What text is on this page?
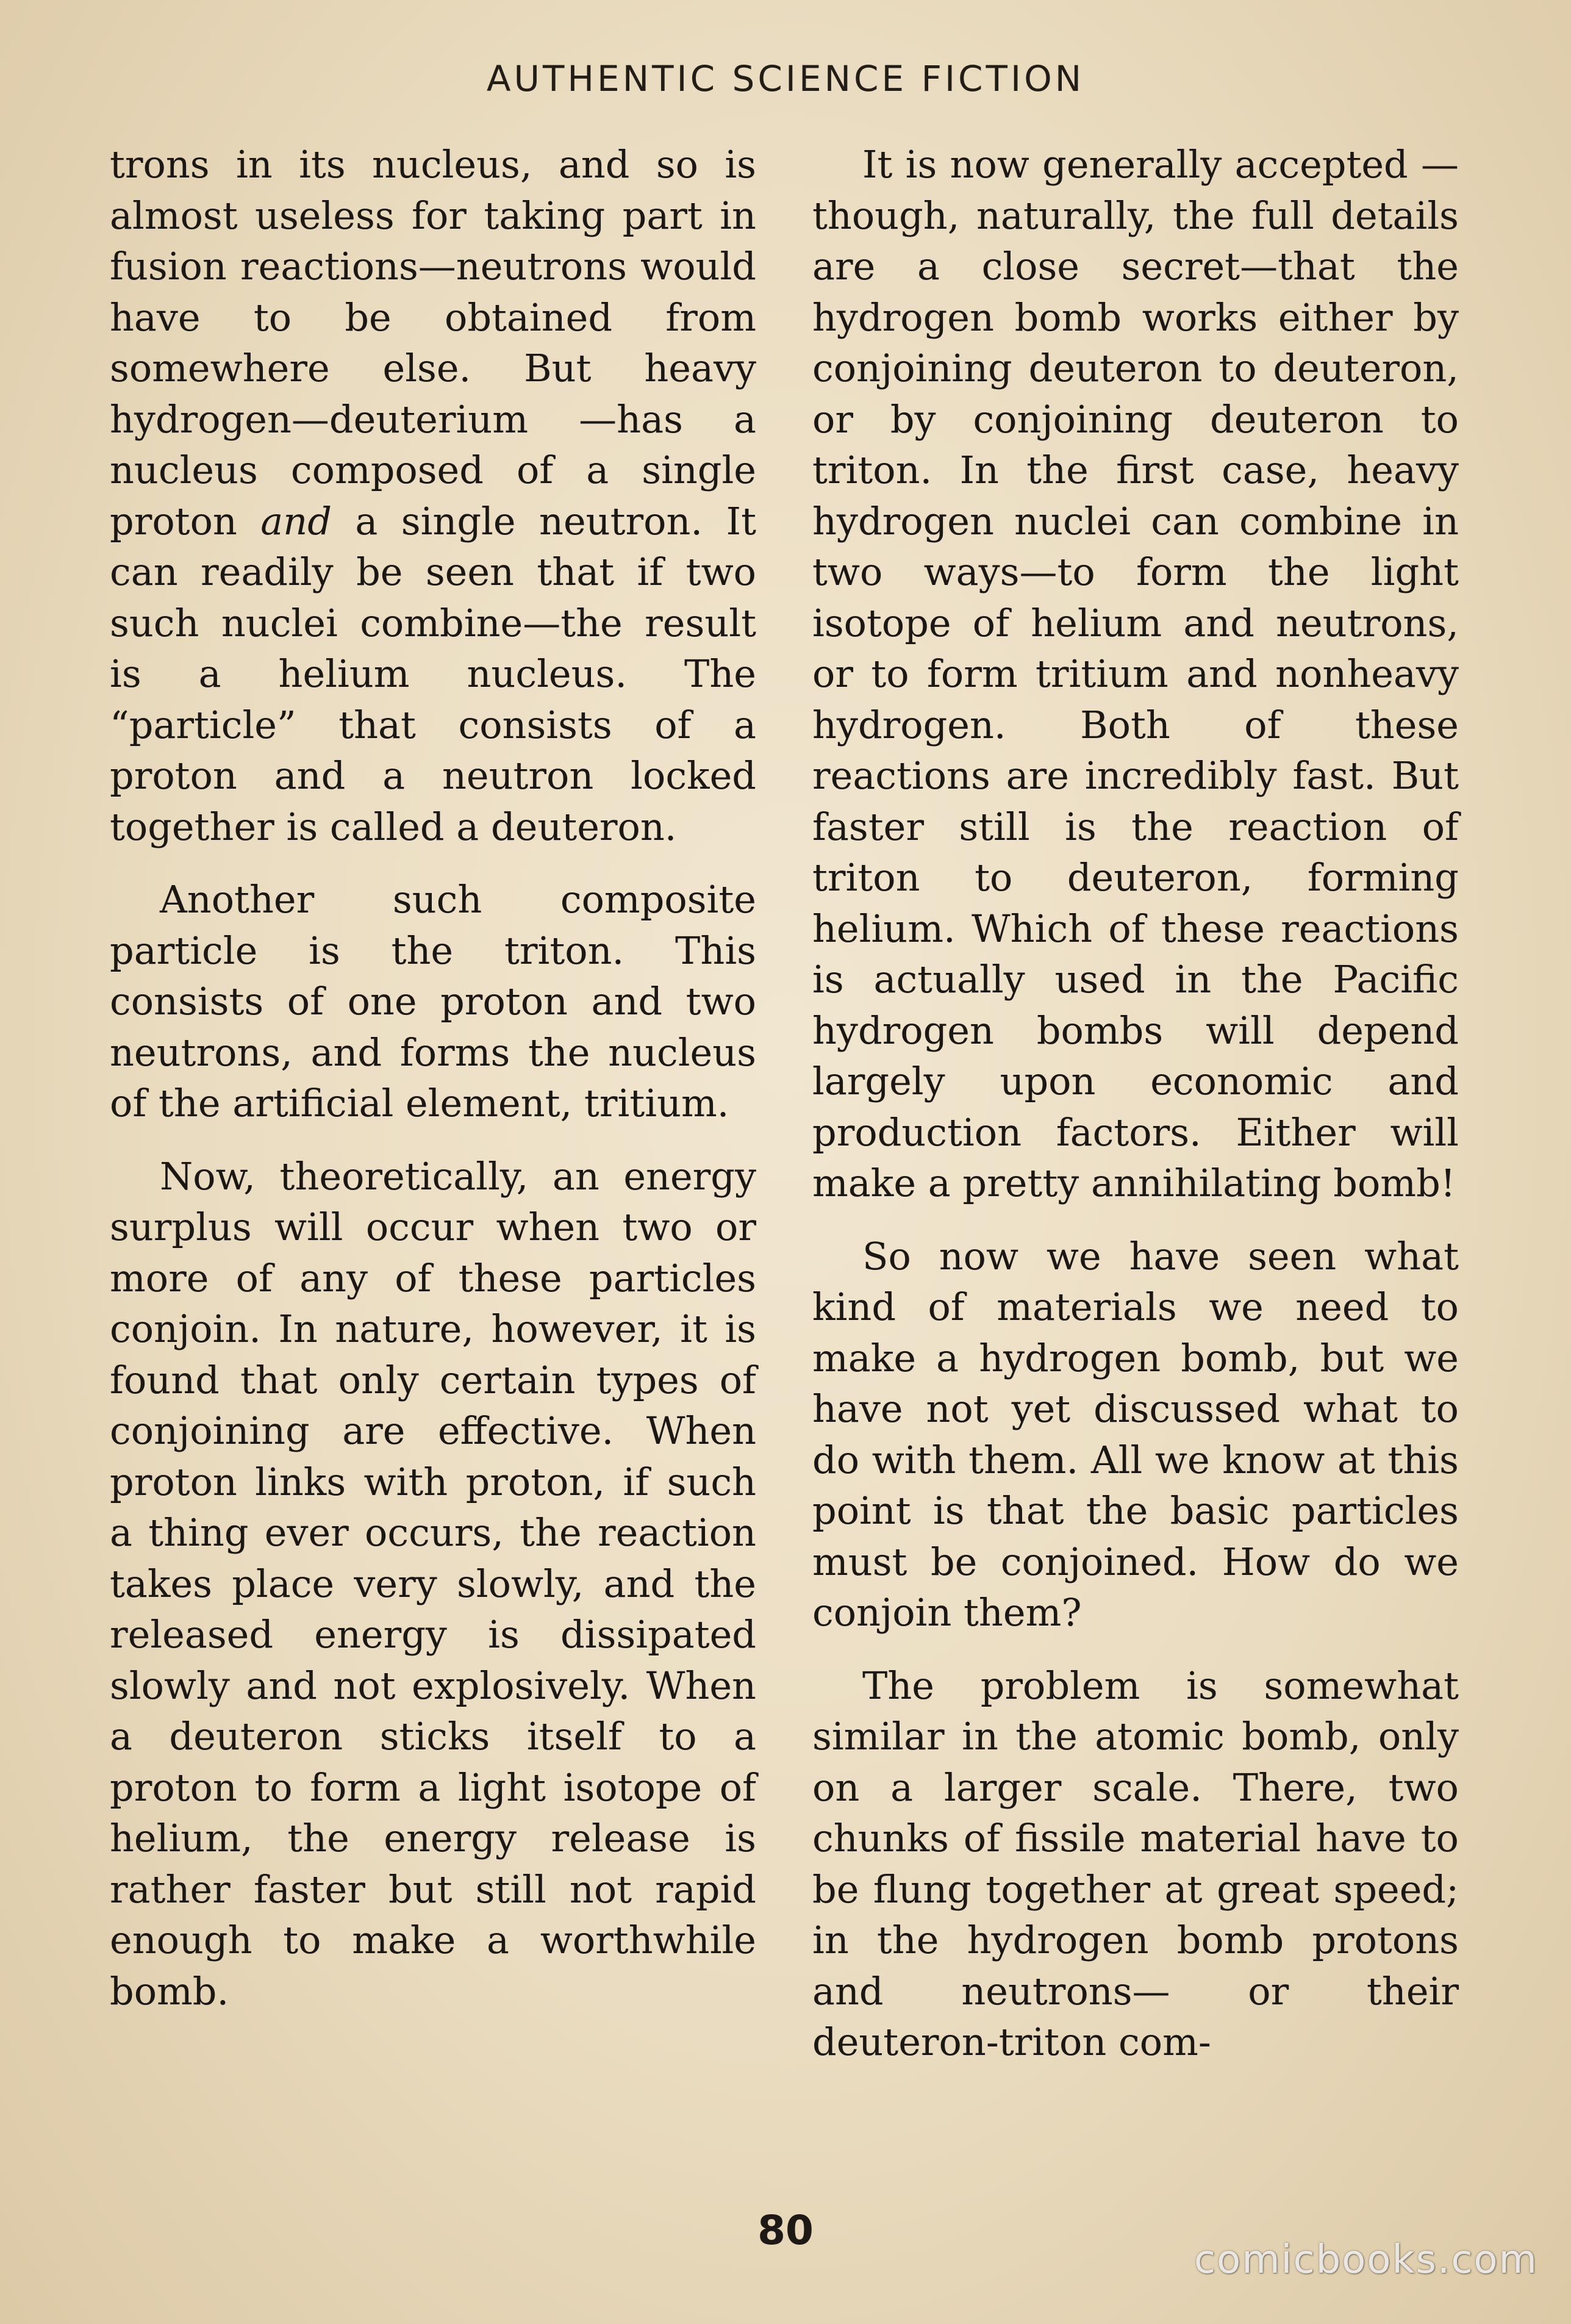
AUTHENTIC SCIENCE FICTION

trons in its nucleus, and so is almost useless for taking part in fusion reactions—neutrons would have to be obtained from somewhere else. But heavy hydrogen—deuterium —has a nucleus composed of a single proton and a single neutron. It can readily be seen that if two such nuclei combine—the result is a helium nucleus. The “particle” that consists of a proton and a neutron locked together is called a deuteron.

Another such composite particle is the triton. This consists of one proton and two neutrons, and forms the nucleus of the artificial element, tritium.

Now, theoretically, an energy surplus will occur when two or more of any of these particles conjoin. In nature, however, it is found that only certain types of conjoining are effective. When proton links with proton, if such a thing ever occurs, the reaction takes place very slowly, and the released energy is dissipated slowly and not explosively. When a deuteron sticks itself to a proton to form a light isotope of helium, the energy release is rather faster but still not rapid enough to make a worthwhile bomb.

It is now generally accepted —though, naturally, the full details are a close secret—that the hydrogen bomb works either by conjoining deuteron to deuteron, or by conjoining deuteron to triton. In the first case, heavy hydrogen nuclei can combine in two ways—to form the light isotope of helium and neutrons, or to form tritium and nonheavy hydrogen. Both of these reactions are incredibly fast. But faster still is the reaction of triton to deuteron, forming helium. Which of these reactions is actually used in the Pacific hydrogen bombs will depend largely upon economic and production factors. Either will make a pretty annihilating bomb!

So now we have seen what kind of materials we need to make a hydrogen bomb, but we have not yet discussed what to do with them. All we know at this point is that the basic particles must be conjoined. How do we conjoin them?

The problem is somewhat similar in the atomic bomb, only on a larger scale. There, two chunks of fissile material have to be flung together at great speed; in the hydrogen bomb protons and neutrons— or their deuteron-triton com-

80
comicbooks.com
